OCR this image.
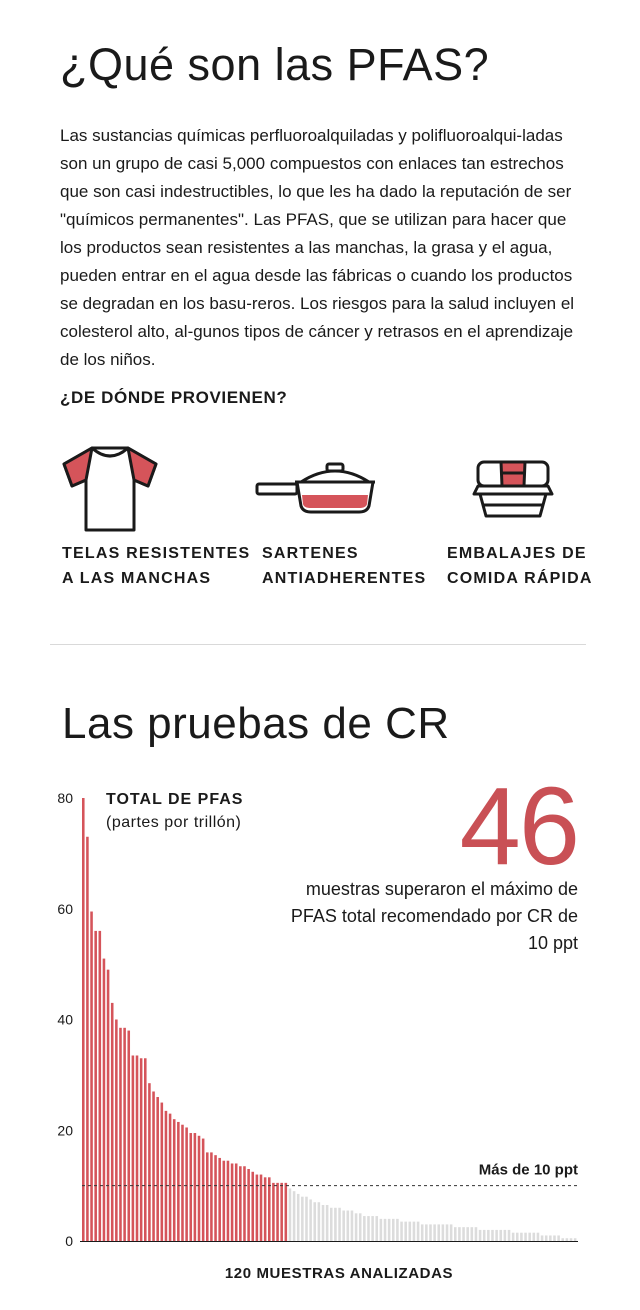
¿Qué son las PFAS?

Las sustancias químicas perfluoroalquiladas y polifluoroalqui-ladas son un grupo de casi 5,000 compuestos con enlaces tan estrechos que son casi indestructibles, lo que les ha dado la reputación de ser "químicos permanentes". Las PFAS, que se utilizan para hacer que los productos sean resistentes a las manchas, la grasa y el agua, pueden entrar en el agua desde las fábricas o cuando los productos se degradan en los basu-reros. Los riesgos para la salud incluyen el colesterol alto, al-gunos tipos de cáncer y retrasos en el aprendizaje de los niños.

¿DE DÓNDE PROVIENEN?
TELAS RESISTENTES
A LAS MANCHAS
SARTENES
ANTIADHERENTES
EMBALAJES DE
COMIDA RÁPIDA
Las pruebas de CR
0
20
40
60
80
Más de 10 ppt
TOTAL DE PFAS
(partes por trillón)
120 MUESTRAS ANALIZADAS
46
muestras superaron el máximo de PFAS total recomendado por CR de 10 ppt
